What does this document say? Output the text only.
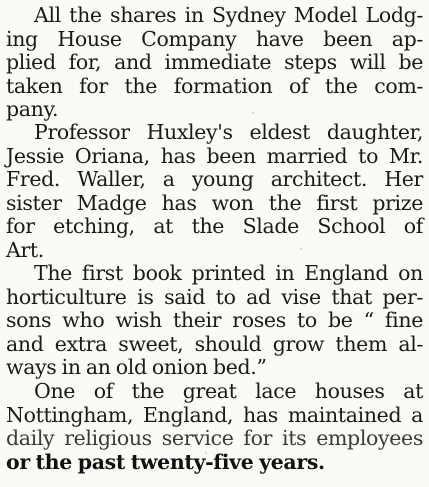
All the shares in Sydney Model Lodg-
ing House Company have been ap-
plied for, and immediate steps will be
taken for the formation of the com-
pany.
Professor Huxley's eldest daughter,
Jessie Oriana, has been married to Mr.
Fred. Waller, a young architect. Her
sister Madge has won the first prize
for etching, at the Slade School of
Art.
The first book printed in England on
horticulture is said to ad vise that per-
sons who wish their roses to be “ fine
and extra sweet, should grow them al-
ways in an old onion bed.”
One of the great lace houses at
Nottingham, England, has maintained a
daily religious service for its employees
or the past twenty-five years.
